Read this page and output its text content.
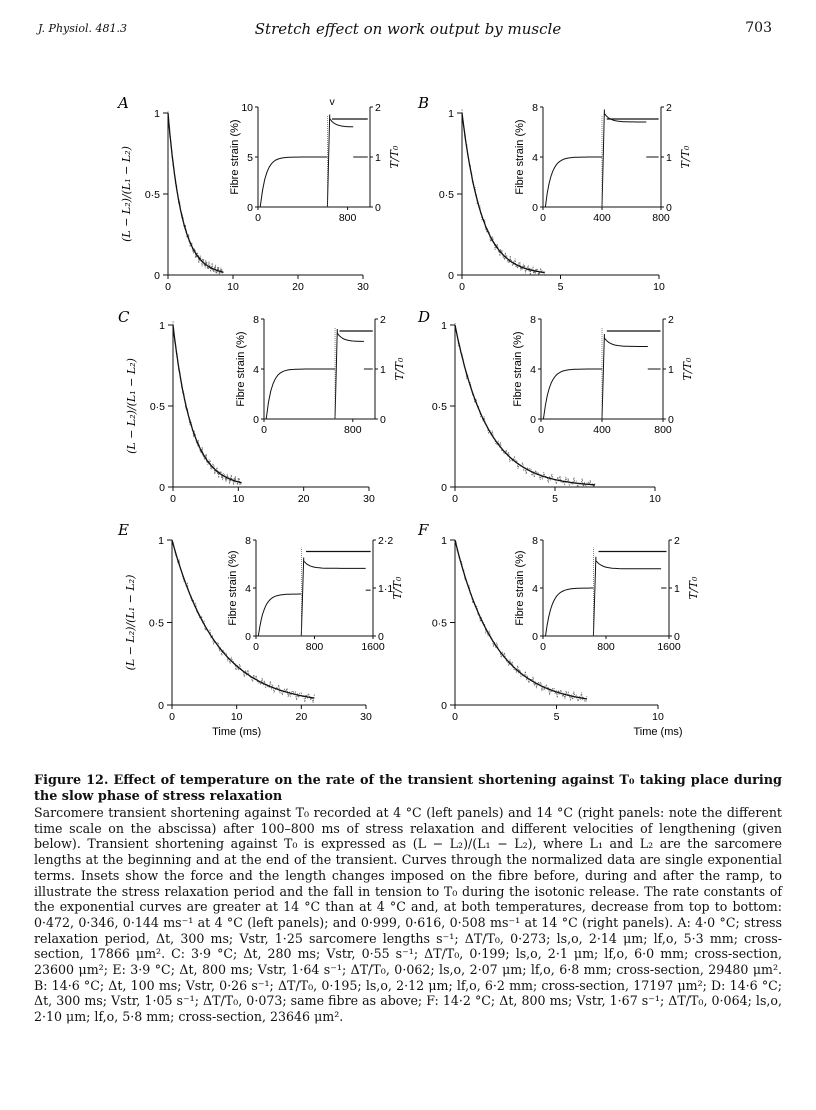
J. Physiol. 481.3	Stretch effect on work output by muscle	703
A
0	10	20	30
0
0·5
1
(L − L₂)/(L₁ − L₂)	0	800
0
5
10
0
1
2
Fibre strain (%)	T/T₀
v	B
0	5	10
0
0·5
1
0	400	800
0
4
8
0
1
2
Fibre strain (%)	T/T₀
C
0	10	20	30
0
0·5
1
(L − L₂)/(L₁ − L₂)	0	800
0
4
8
0
1
2
Fibre strain (%)	T/T₀
D
0	5	10
0
0·5
1
0	400	800
0
4
8
0
1
2
Fibre strain (%)	T/T₀
E
0	10	20	30
0
0·5
1
(L − L₂)/(L₁ − L₂)
Time (ms)
0	800	1600
0
4
8
0
1·1
2·2
Fibre strain (%)	T/T₀
F
0	5	10
0
0·5
1
Time (ms)
0	800	1600
0
4
8
0
1
2
Fibre strain (%)	T/T₀
Figure 12. Effect of temperature on the rate of the transient shortening against T₀ taking place during the slow phase of stress relaxation
Sarcomere transient shortening against T₀ recorded at 4 °C (left panels) and 14 °C (right panels: note the different time scale on the abscissa) after 100–800 ms of stress relaxation and different velocities of lengthening (given below). Transient shortening against T₀ is expressed as (L − L₂)/(L₁ − L₂), where L₁ and L₂ are the sarcomere lengths at the beginning and at the end of the transient. Curves through the normalized data are single exponential terms. Insets show the force and the length changes imposed on the fibre before, during and after the ramp, to illustrate the stress relaxation period and the fall in tension to T₀ during the isotonic release. The rate constants of the exponential curves are greater at 14 °C than at 4 °C and, at both temperatures, decrease from top to bottom: 0·472, 0·346, 0·144 ms⁻¹ at 4 °C (left panels); and 0·999, 0·616, 0·508 ms⁻¹ at 14 °C (right panels). A: 4·0 °C; stress relaxation period, Δt, 300 ms; Vstr, 1·25 sarcomere lengths s⁻¹; ΔT/T₀, 0·273; ls,o, 2·14 μm; lf,o, 5·3 mm; cross-section, 17866 μm². C: 3·9 °C; Δt, 280 ms; Vstr, 0·55 s⁻¹; ΔT/T₀, 0·199; ls,o, 2·1 μm; lf,o, 6·0 mm; cross-section, 23600 μm²; E: 3·9 °C; Δt, 800 ms; Vstr, 1·64 s⁻¹; ΔT/T₀, 0·062; ls,o, 2·07 μm; lf,o, 6·8 mm; cross-section, 29480 μm². B: 14·6 °C; Δt, 100 ms; Vstr, 0·26 s⁻¹; ΔT/T₀, 0·195; ls,o, 2·12 μm; lf,o, 6·2 mm; cross-section, 17197 μm²; D: 14·6 °C; Δt, 300 ms; Vstr, 1·05 s⁻¹; ΔT/T₀, 0·073; same fibre as above; F: 14·2 °C; Δt, 800 ms; Vstr, 1·67 s⁻¹; ΔT/T₀, 0·064; ls,o, 2·10 μm; lf,o, 5·8 mm; cross-section, 23646 μm².
